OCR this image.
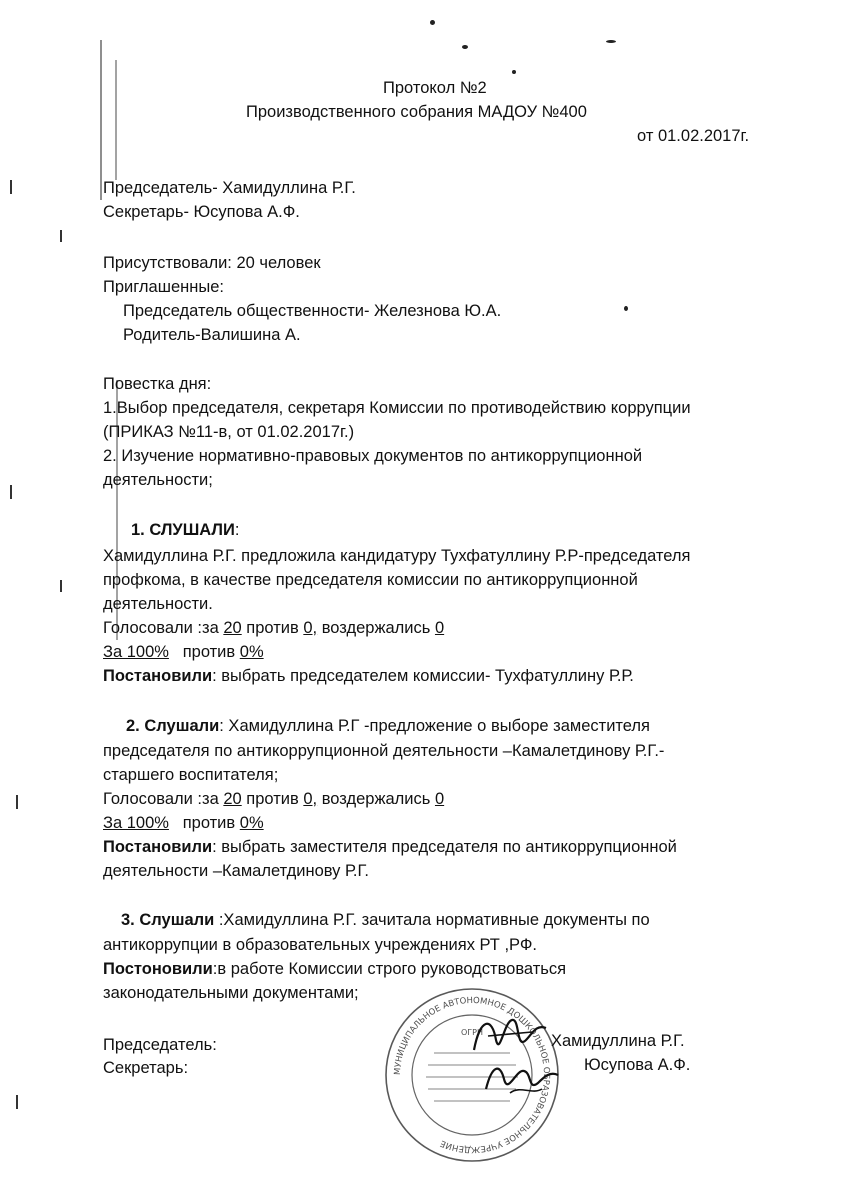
Протокол №2
Производственного собрания МАДОУ №400
от 01.02.2017г.
Председатель- Хамидуллина Р.Г.
Секретарь- Юсупова А.Ф.
Присутствовали: 20 человек
Приглашенные:
Председатель общественности- Железнова Ю.А.
Родитель-Валишина А.
Повестка дня:
1.Выбор председателя, секретаря Комиссии по противодействию коррупции
(ПРИКАЗ №11-в, от 01.02.2017г.)
2. Изучение нормативно-правовых документов по антикоррупционной
деятельности;
1. СЛУШАЛИ:
Хамидуллина Р.Г. предложила кандидатуру Тухфатуллину Р.Р-председателя
профкома, в качестве председателя комиссии по антикоррупционной
деятельности.
Голосовали :за 20 против 0, воздержались 0
За 100% против 0%
Постановили: выбрать председателем комиссии- Тухфатуллину Р.Р.
2. Слушали: Хамидуллина Р.Г -предложение о выборе заместителя
председателя по антикоррупционной деятельности –Камалетдинову Р.Г.-
старшего воспитателя;
Голосовали :за 20 против 0, воздержались 0
За 100% против 0%
Постановили: выбрать заместителя председателя по антикоррупционной
деятельности –Камалетдинову Р.Г.
3. Слушали :Хамидуллина Р.Г. зачитала нормативные документы по
антикоррупции в образовательных учреждениях РТ ,РФ.
Постоновили:в работе Комиссии строго руководствоваться
законодательными документами;
МУНИЦИПАЛЬНОЕ АВТОНОМНОЕ ДОШКОЛЬНОЕ ОБРАЗОВАТЕЛЬНОЕ УЧРЕЖДЕНИЕ
ОГРН
Председатель:	Хамидуллина Р.Г.
Секретарь:	Юсупова А.Ф.
